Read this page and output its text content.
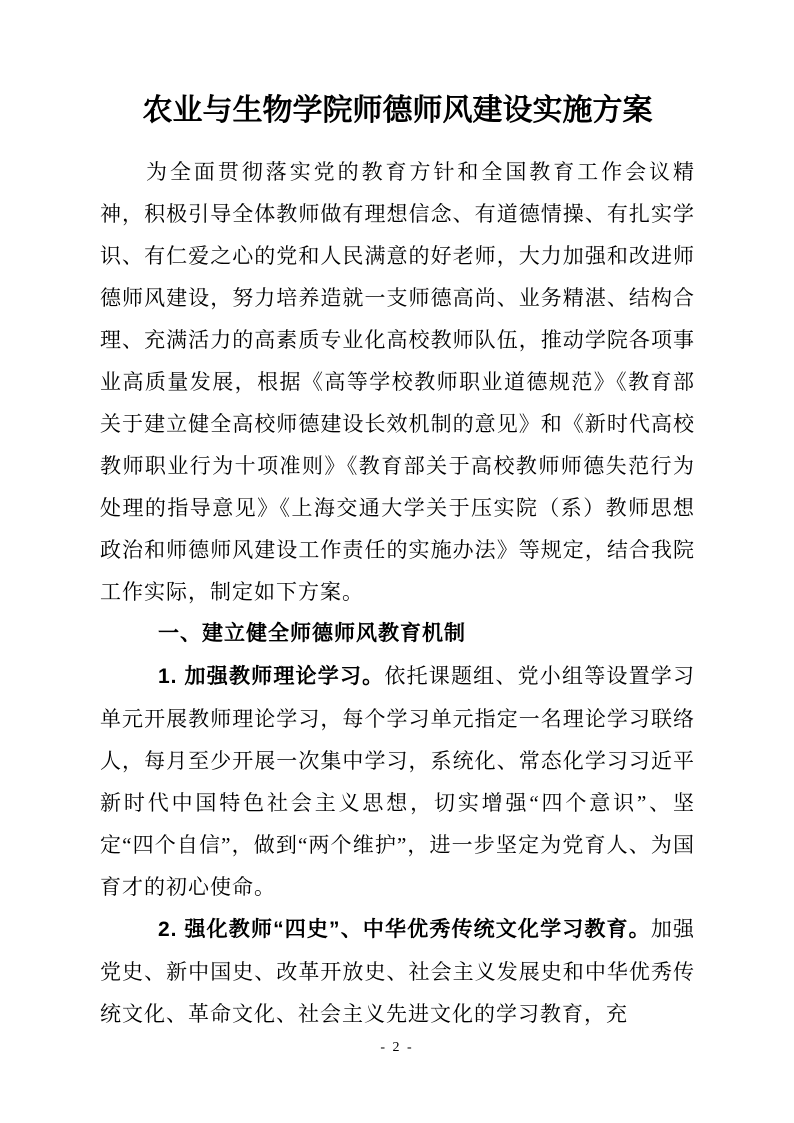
农业与生物学院师德师风建设实施方案

为全面贯彻落实党的教育方针和全国教育工作会议精神，积极引导全体教师做有理想信念、有道德情操、有扎实学识、有仁爱之心的党和人民满意的好老师，大力加强和改进师德师风建设，努力培养造就一支师德高尚、业务精湛、结构合理、充满活力的高素质专业化高校教师队伍，推动学院各项事业高质量发展，根据《高等学校教师职业道德规范》《教育部关于建立健全高校师德建设长效机制的意见》和《新时代高校教师职业行为十项准则》《教育部关于高校教师师德失范行为处理的指导意见》《上海交通大学关于压实院（系）教师思想政治和师德师风建设工作责任的实施办法》等规定，结合我院工作实际，制定如下方案。

一、建立健全师德师风教育机制

1. 加强教师理论学习。依托课题组、党小组等设置学习单元开展教师理论学习，每个学习单元指定一名理论学习联络人，每月至少开展一次集中学习，系统化、常态化学习习近平新时代中国特色社会主义思想，切实增强“四个意识”、坚定“四个自信”，做到“两个维护”，进一步坚定为党育人、为国育才的初心使命。

2. 强化教师“四史”、中华优秀传统文化学习教育。加强党史、新中国史、改革开放史、社会主义发展史和中华优秀传统文化、革命文化、社会主义先进文化的学习教育，充

- 2 -
